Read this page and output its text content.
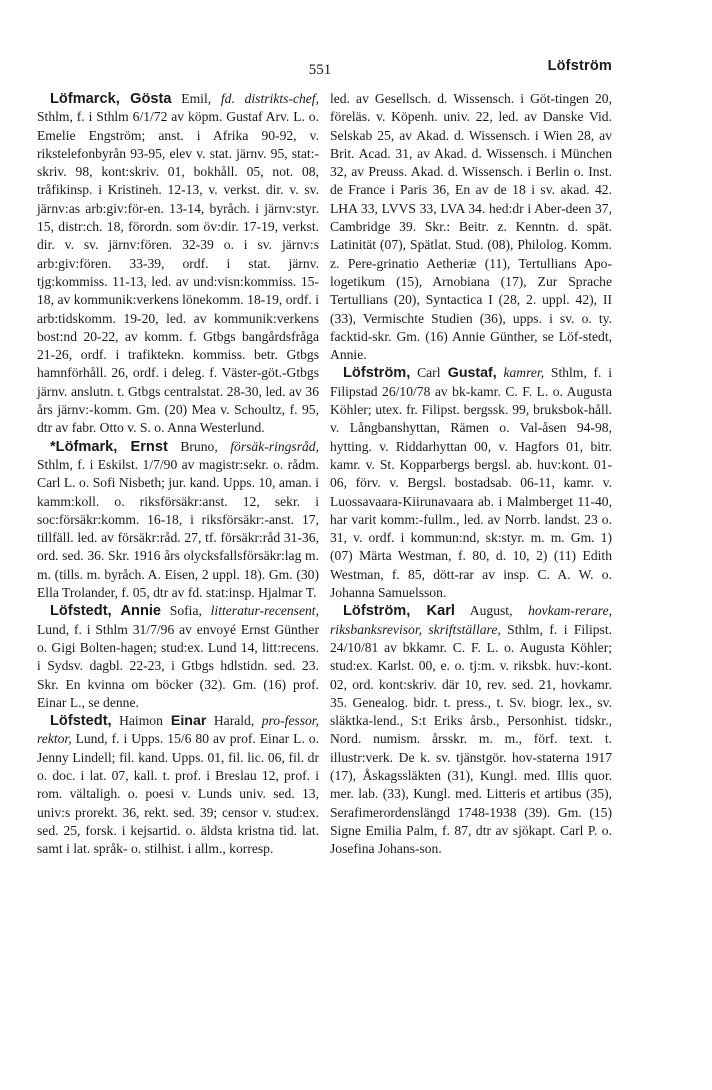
551	Löfström

Löfmarck, Gösta Emil, fd. distrikts-chef, Sthlm, f. i Sthlm 6/1/72 av köpm. Gustaf Arv. L. o. Emelie Engström; anst. i Afrika 90-92, v. rikstelefonbyrån 93-95, elev v. stat. järnv. 95, stat:-skriv. 98, kont:skriv. 01, bokhåll. 05, not. 08, tråfikinsp. i Kristineh. 12-13, v. verkst. dir. v. sv. järnv:as arb:giv:för-en. 13-14, byråch. i järnv:styr. 15, distr:ch. 18, förordn. som öv:dir. 17-19, verkst. dir. v. sv. järnv:fören. 32-39 o. i sv. järnv:s arb:giv:fören. 33-39, ordf. i stat. järnv. tjg:kommiss. 11-13, led. av und:visn:kommiss. 15-18, av kommunik:verkens lönekomm. 18-19, ordf. i arb:tidskomm. 19-20, led. av kommunik:verkens bost:nd 20-22, av komm. f. Gtbgs bangårdsfråga 21-26, ordf. i trafiktekn. kommiss. betr. Gtbgs hamnförhåll. 26, ordf. i deleg. f. Väster-göt.-Gtbgs järnv. anslutn. t. Gtbgs centralstat. 28-30, led. av 36 års järnv:-komm. Gm. (20) Mea v. Schoultz, f. 95, dtr av fabr. Otto v. S. o. Anna Westerlund.

*Löfmark, Ernst Bruno, försäk-ringsråd, Sthlm, f. i Eskilst. 1/7/90 av magistr:sekr. o. rådm. Carl L. o. Sofi Nisbeth; jur. kand. Upps. 10, aman. i kamm:koll. o. riksförsäkr:anst. 12, sekr. i soc:försäkr:komm. 16-18, i riksförsäkr:-anst. 17, tillfäll. led. av försäkr:råd. 27, tf. försäkr:råd 31-36, ord. sed. 36. Skr. 1916 års olycksfallsförsäkr:lag m. m. (tills. m. byråch. A. Eisen, 2 uppl. 18). Gm. (30) Ella Trolander, f. 05, dtr av fd. stat:insp. Hjalmar T.

Löfstedt, Annie Sofia, litteratur-recensent, Lund, f. i Sthlm 31/7/96 av envoyé Ernst Günther o. Gigi Bolten-hagen; stud:ex. Lund 14, litt:recens. i Sydsv. dagbl. 22-23, i Gtbgs hdlstidn. sed. 23. Skr. En kvinna om böcker (32). Gm. (16) prof. Einar L., se denne.

Löfstedt, Haimon Einar Harald, pro-fessor, rektor, Lund, f. i Upps. 15/6 80 av prof. Einar L. o. Jenny Lindell; fil. kand. Upps. 01, fil. lic. 06, fil. dr o. doc. i lat. 07, kall. t. prof. i Breslau 12, prof. i rom. vältaligh. o. poesi v. Lunds univ. sed. 13, univ:s prorekt. 36, rekt. sed. 39; censor v. stud:ex. sed. 25, forsk. i kejsartid. o. äldsta kristna tid. lat. samt i lat. språk- o. stilhist. i allm., korresp.

led. av Gesellsch. d. Wissensch. i Göt-tingen 20, föreläs. v. Köpenh. univ. 22, led. av Danske Vid. Selskab 25, av Akad. d. Wissensch. i Wien 28, av Brit. Acad. 31, av Akad. d. Wissensch. i München 32, av Preuss. Akad. d. Wissensch. i Berlin o. Inst. de France i Paris 36, En av de 18 i sv. akad. 42. LHA 33, LVVS 33, LVA 34. hed:dr i Aber-deen 37, Cambridge 39. Skr.: Beitr. z. Kenntn. d. spät. Latinität (07), Spätlat. Stud. (08), Philolog. Komm. z. Pere-grinatio Aetheriæ (11), Tertullians Apo-logetikum (15), Arnobiana (17), Zur Sprache Tertullians (20), Syntactica I (28, 2. uppl. 42), II (33), Vermischte Studien (36), upps. i sv. o. ty. facktid-skr. Gm. (16) Annie Günther, se Löf-stedt, Annie.

Löfström, Carl Gustaf, kamrer, Sthlm, f. i Filipstad 26/10/78 av bk-kamr. C. F. L. o. Augusta Köhler; utex. fr. Filipst. bergssk. 99, bruksbok-håll. v. Långbanshyttan, Rämen o. Val-åsen 94-98, hytting. v. Riddarhyttan 00, v. Hagfors 01, bitr. kamr. v. St. Kopparbergs bergsl. ab. huv:kont. 01-06, förv. v. Bergsl. bostadsab. 06-11, kamr. v. Luossavaara-Kiirunavaara ab. i Malmberget 11-40, har varit komm:-fullm., led. av Norrb. landst. 23 o. 31, v. ordf. i kommun:nd, sk:styr. m. m. Gm. 1) (07) Märta Westman, f. 80, d. 10, 2) (11) Edith Westman, f. 85, dött-rar av insp. C. A. W. o. Johanna Samuelsson.

Löfström, Karl August, hovkam-rerare, riksbanksrevisor, skriftställare, Sthlm, f. i Filipst. 24/10/81 av bkkamr. C. F. L. o. Augusta Köhler; stud:ex. Karlst. 00, e. o. tj:m. v. riksbk. huv:-kont. 02, ord. kont:skriv. där 10, rev. sed. 21, hovkamr. 35. Genealog. bidr. t. press., t. Sv. biogr. lex., sv. släktka-lend., S:t Eriks årsb., Personhist. tidskr., Nord. numism. årsskr. m. m., förf. text. t. illustr:verk. De k. sv. tjänstgör. hov-staterna 1917 (17), Åskagssläkten (31), Kungl. med. Illis quor. mer. lab. (33), Kungl. med. Litteris et artibus (35), Serafimerordenslängd 1748-1938 (39). Gm. (15) Signe Emilia Palm, f. 87, dtr av sjökapt. Carl P. o. Josefina Johans-son.
